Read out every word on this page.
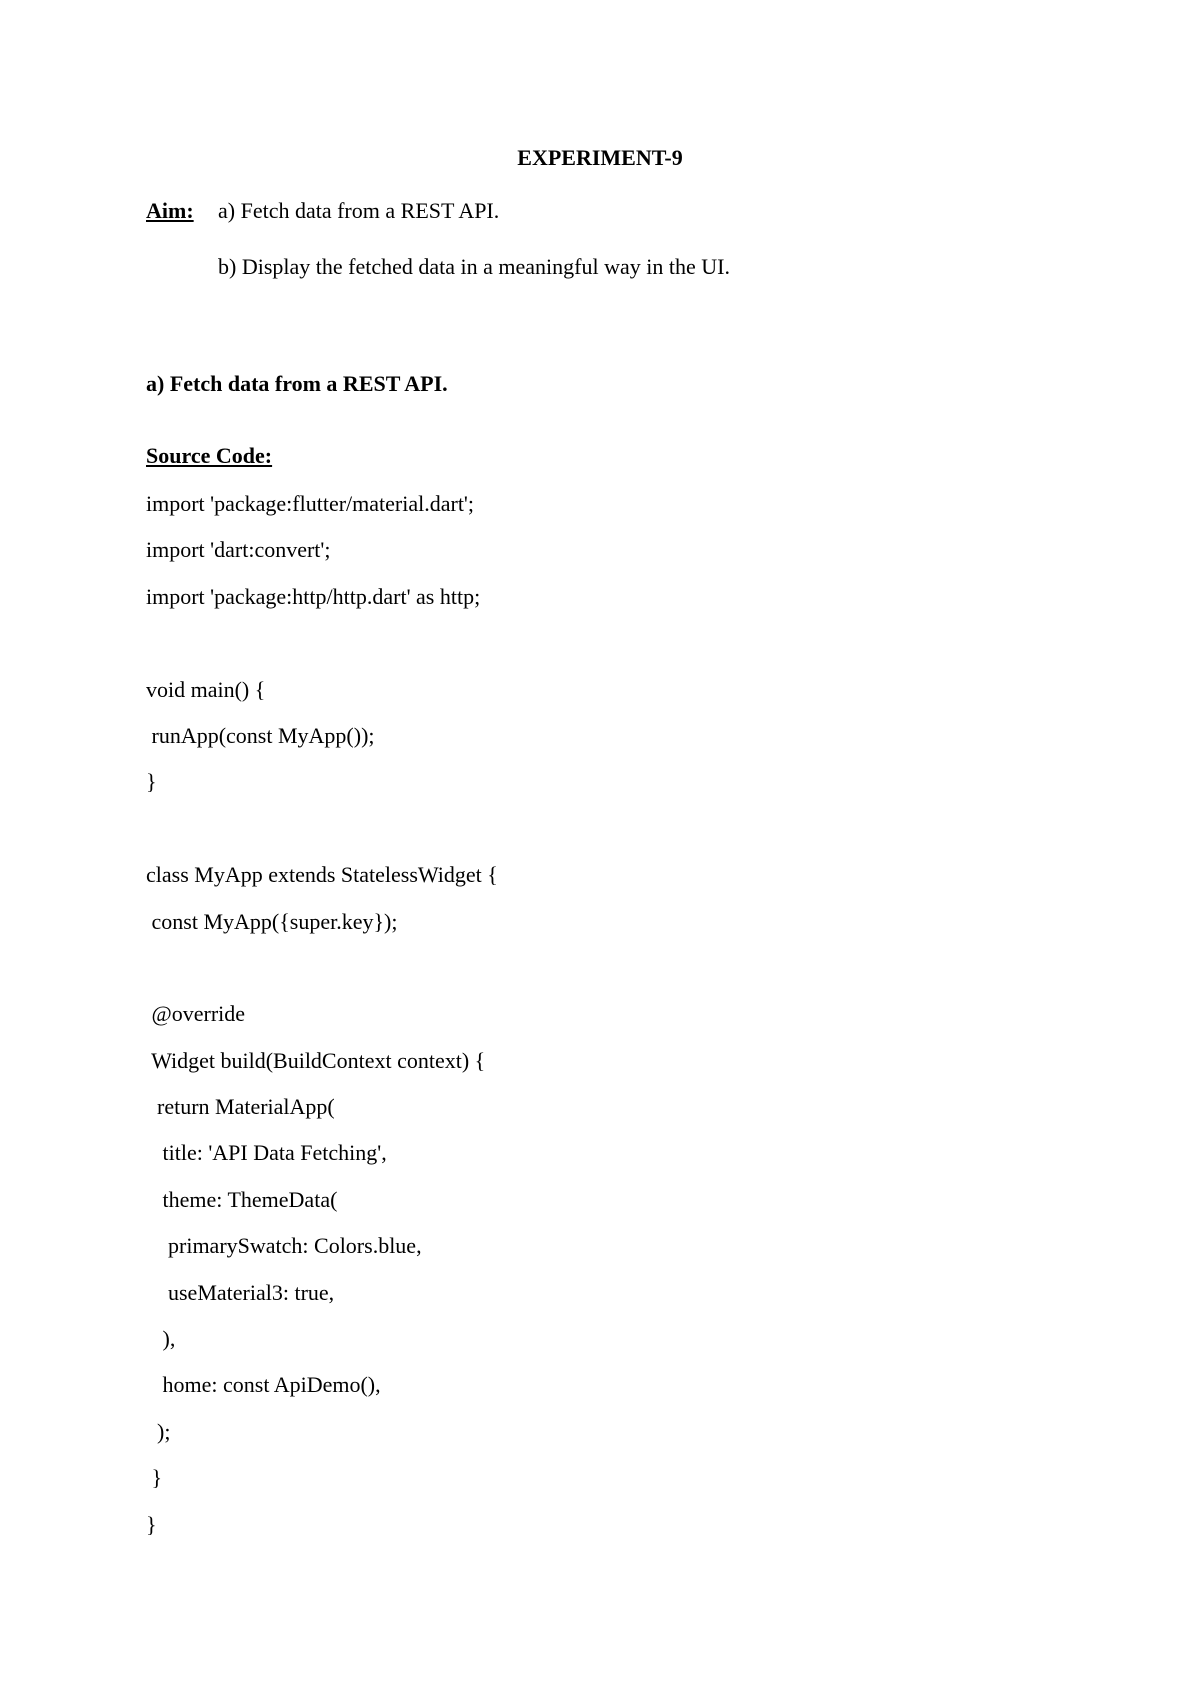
EXPERIMENT-9
Aim: a) Fetch data from a REST API.
b) Display the fetched data in a meaningful way in the UI.
a) Fetch data from a REST API.
Source Code:
import 'package:flutter/material.dart';
import 'dart:convert';
import 'package:http/http.dart' as http;
void main() {
runApp(const MyApp());
}
class MyApp extends StatelessWidget {
const MyApp({super.key});
@override
Widget build(BuildContext context) {
return MaterialApp(
title: 'API Data Fetching',
theme: ThemeData(
primarySwatch: Colors.blue,
useMaterial3: true,
),
home: const ApiDemo(),
);
}
}
